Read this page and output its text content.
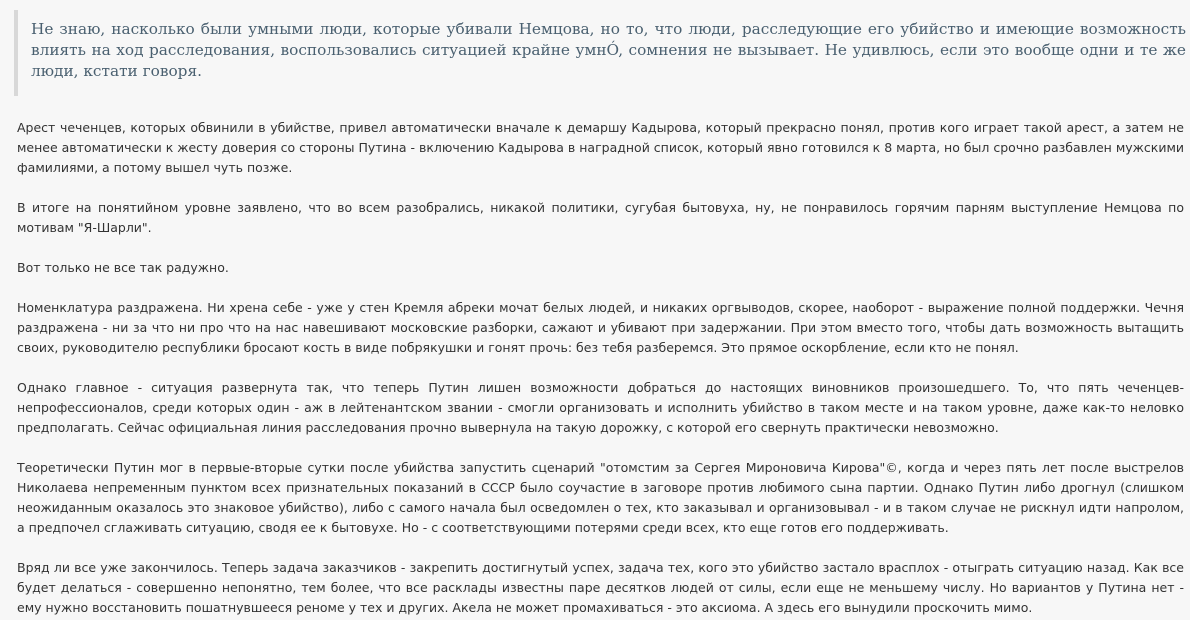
Не знаю, насколько были умными люди, которые убивали Немцова, но то, что люди, расследующие его убийство и имеющие возможность влиять на ход расследования, воспользовались ситуацией крайне умнÓ, сомнения не вызывает. Не удивлюсь, если это вообще одни и те же люди, кстати говоря.

Арест чеченцев, которых обвинили в убийстве, привел автоматически вначале к демаршу Кадырова, который прекрасно понял, против кого играет такой арест, а затем не менее автоматически к жесту доверия со стороны Путина - включению Кадырова в наградной список, который явно готовился к 8 марта, но был срочно разбавлен мужскими фамилиями, а потому вышел чуть позже.

В итоге на понятийном уровне заявлено, что во всем разобрались, никакой политики, сугубая бытовуха, ну, не понравилось горячим парням выступление Немцова по мотивам "Я-Шарли".

Вот только не все так радужно.

Номенклатура раздражена. Ни хрена себе - уже у стен Кремля абреки мочат белых людей, и никаких оргвыводов, скорее, наоборот - выражение полной поддержки. Чечня раздражена - ни за что ни про что на нас навешивают московские разборки, сажают и убивают при задержании. При этом вместо того, чтобы дать возможность вытащить своих, руководителю республики бросают кость в виде побрякушки и гонят прочь: без тебя разберемся. Это прямое оскорбление, если кто не понял.

Однако главное - ситуация развернута так, что теперь Путин лишен возможности добраться до настоящих виновников произошедшего. То, что пять чеченцев-непрофессионалов, среди которых один - аж в лейтенантском звании - смогли организовать и исполнить убийство в таком месте и на таком уровне, даже как-то неловко предполагать. Сейчас официальная линия расследования прочно вывернула на такую дорожку, с которой его свернуть практически невозможно.

Теоретически Путин мог в первые-вторые сутки после убийства запустить сценарий "отомстим за Сергея Мироновича Кирова"©, когда и через пять лет после выстрелов Николаева непременным пунктом всех признательных показаний в СССР было соучастие в заговоре против любимого сына партии. Однако Путин либо дрогнул (слишком неожиданным оказалось это знаковое убийство), либо с самого начала был осведомлен о тех, кто заказывал и организовывал - и в таком случае не рискнул идти напролом, а предпочел сглаживать ситуацию, сводя ее к бытовухе. Но - с соответствующими потерями среди всех, кто еще готов его поддерживать.

Вряд ли все уже закончилось. Теперь задача заказчиков - закрепить достигнутый успех, задача тех, кого это убийство застало врасплох - отыграть ситуацию назад. Как все будет делаться - совершенно непонятно, тем более, что все расклады известны паре десятков людей от силы, если еще не меньшему числу. Но вариантов у Путина нет - ему нужно восстановить пошатнувшееся реноме у тех и других. Акела не может промахиваться - это аксиома. А здесь его вынудили проскочить мимо.
